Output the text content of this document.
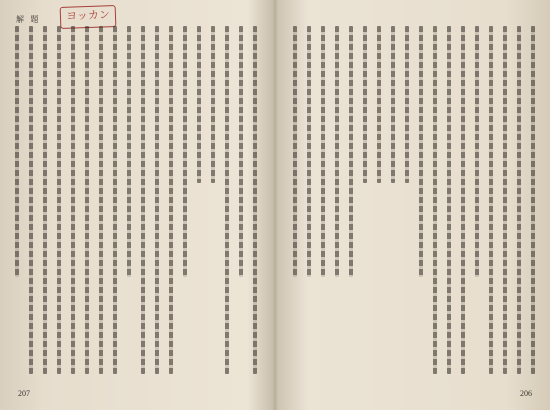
解 題	ヨッカン
207	206
